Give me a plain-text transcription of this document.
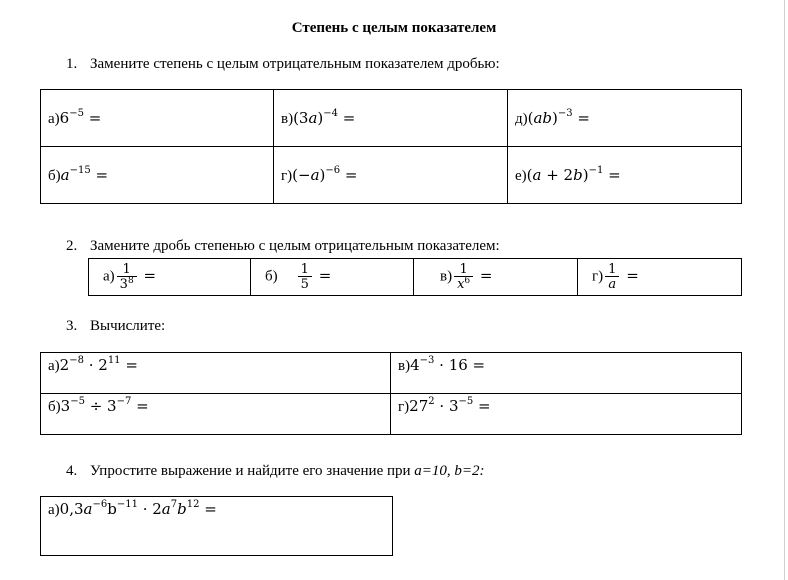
Степень с целым показателем
1. Замените степень с целым отрицательным показателем дробью:
$а)6^{-5}$ =	в)(3𝑎)$^{-4}$ =	д)(𝑎𝑏)$^{-3}$ =
б)𝑎$^{-15}$ =	г)(−𝑎)$^{-6}$ =	е)(𝑎 + 2𝑏)$^{-1}$ =
2. Замените дробь степенью с целым отрицательным показателем:
$а) \frac{1}{3^8}$ =	$б) \frac{1}{5}$ =	$в) \frac{1}{𝑥^6}$ =	$г) \frac{1}{\text{𝑎}}$ =
3. Вычислите:
$а)2^{-8} \cdot 2^{11}$ =	$в)4^{-3} \cdot 16$ =
$б)3^{-5} \div 3^{-7}$ =	$г)27^2 \cdot 3^{-5}$ =
4. Упростите выражение и найдите его значение при a=10, b=2:
$а)0,3𝑎^{-6}b^{-11}$ · 2𝑎$^7$𝑏$^{12}$ =
